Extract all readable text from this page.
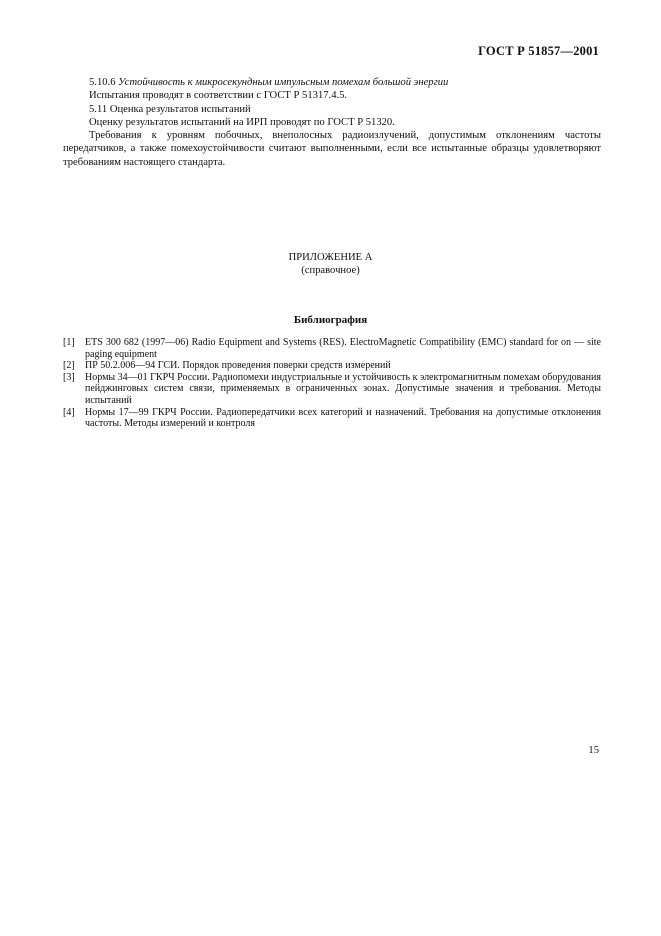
ГОСТ Р 51857—2001

5.10.6 Устойчивость к микросекундным импульсным помехам большой энергии

Испытания проводят в соответствии с ГОСТ Р 51317.4.5.

5.11 Оценка результатов испытаний

Оценку результатов испытаний на ИРП проводят по ГОСТ Р 51320.

Требования к уровням побочных, внеполосных радиоизлучений, допустимым отклонениям частоты передатчиков, а также помехоустойчивости считают выполненными, если все испытанные образцы удовлетворяют требованиям настоящего стандарта.

ПРИЛОЖЕНИЕ А
(справочное)
Библиография
[1]	ETS 300 682 (1997—06) Radio Equipment and Systems (RES). ElectroMagnetic Compatibility (EMC) standard for on — site paging equipment
[2]	ПР 50.2.006—94 ГСИ. Порядок проведения поверки средств измерений
[3]	Нормы 34—01 ГКРЧ России. Радиопомехи индустриальные и устойчивость к электромагнитным помехам оборудования пейджинговых систем связи, применяемых в ограниченных зонах. Допустимые значения и требования. Методы испытаний
[4]	Нормы 17—99 ГКРЧ России. Радиопередатчики всех категорий и назначений. Требования на допустимые отклонения частоты. Методы измерений и контроля
15
